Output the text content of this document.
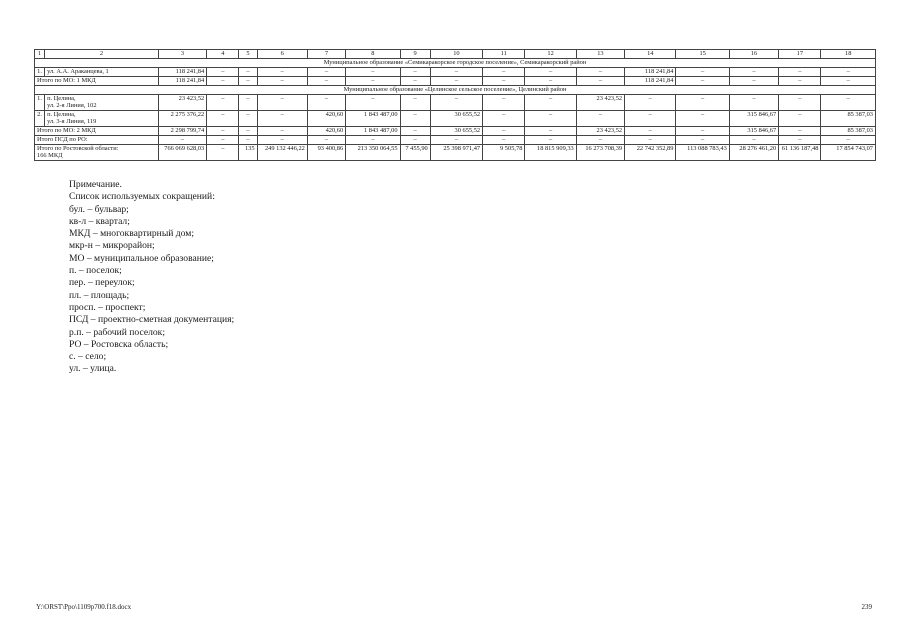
1	2	3	4	5	6	7	8	9	10	11	12	13	14	15	16	17	18
Муниципальное образование «Семикаракорское городское поселение», Семикаракорский район																	
1.	ул. А.А. Араканцева, 1	118 241,84	–	–	–	–	–	–	–	–	–	–	118 241,84	–	–	–	–
Итого по МО: 1 МКД		118 241,84	–	–	–	–	–	–	–	–	–	–	118 241,84	–	–	–	–
Муниципальное образование «Целинское сельское поселение», Целинский район																	
1.	п. Целина,
ул. 2-я Линия, 102	23 423,52	–	–	–	–	–	–	–	–	–	23 423,52	–	–	–	–	–
2.	п. Целина,
ул. 3-я Линия, 119	2 275 376,22	–	–	–	420,60	1 843 487,00	–	30 655,52	–	–	–	–	–	315 846,67	–	85 387,03
Итого по МО: 2 МКД		2 298 799,74	–	–	–	420,60	1 843 487,00	–	30 655,52	–	–	23 423,52	–	–	315 846,67	–	85 387,03
Итого ПСД по РО:		–	–	–	–	–	–	–	–	–	–	–	–	–	–	–	–

Итого по Ростовской области:
166 МКД		766 069 628,03	–	135	249 132 446,22	93 400,86	213 350 064,55	7 455,90	25 398 971,47	9 505,78	18 815 909,33	16 273 708,39	22 742 352,89	113 088 783,43	28 276 461,20	61 136 187,48	17 854 743,07
Примечание.
Список используемых сокращений:
бул. – бульвар;
кв-л – квартал;
МКД – многоквартирный дом;
мкр-н – микрорайон;
МО – муниципальное образование;
п. – поселок;
пер. – переулок;
пл. – площадь;
просп. – проспект;
ПСД – проектно-сметная документация;
р.п. – рабочий поселок;
РО – Ростовска область;
с. – село;
ул. – улица.
Y:\ORST\Ppo\1109p700.f18.docx	239
